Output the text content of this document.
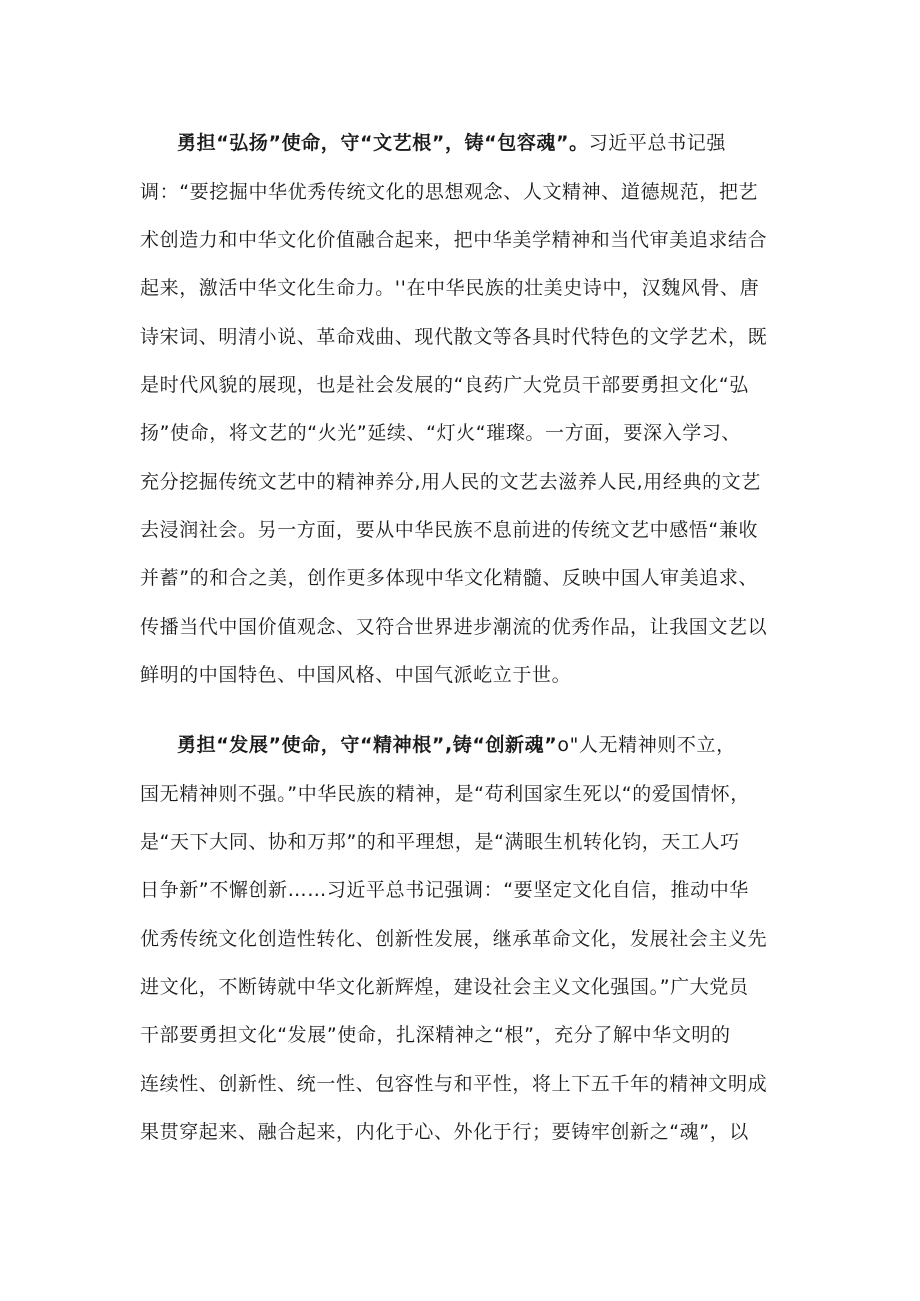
勇担“弘扬”使命，守“文艺根”，铸“包容魂”。习近平总书记强
调：“要挖掘中华优秀传统文化的思想观念、人文精神、道德规范，把艺
术创造力和中华文化价值融合起来，把中华美学精神和当代审美追求结合
起来，激活中华文化生命力。''在中华民族的壮美史诗中，汉魏风骨、唐
诗宋词、明清小说、革命戏曲、现代散文等各具时代特色的文学艺术，既
是时代风貌的展现，也是社会发展的“良药广大党员干部要勇担文化“弘
扬”使命，将文艺的“火光”延续、“灯火“璀璨。一方面，要深入学习、
充分挖掘传统文艺中的精神养分,用人民的文艺去滋养人民,用经典的文艺
去浸润社会。另一方面，要从中华民族不息前进的传统文艺中感悟“兼收
并蓄”的和合之美，创作更多体现中华文化精髓、反映中国人审美追求、
传播当代中国价值观念、又符合世界进步潮流的优秀作品，让我国文艺以
鲜明的中国特色、中国风格、中国气派屹立于世。
勇担“发展”使命，守“精神根”,铸“创新魂”o"人无精神则不立，
国无精神则不强。”中华民族的精神，是“苟利国家生死以“的爱国情怀，
是“天下大同、协和万邦”的和平理想，是“满眼生机转化钧，天工人巧
日争新”不懈创新……习近平总书记强调：“要坚定文化自信，推动中华
优秀传统文化创造性转化、创新性发展，继承革命文化，发展社会主义先
进文化，不断铸就中华文化新辉煌，建设社会主义文化强国。”广大党员
干部要勇担文化“发展”使命，扎深精神之“根”，充分了解中华文明的
连续性、创新性、统一性、包容性与和平性，将上下五千年的精神文明成
果贯穿起来、融合起来，内化于心、外化于行；要铸牢创新之“魂”，以
